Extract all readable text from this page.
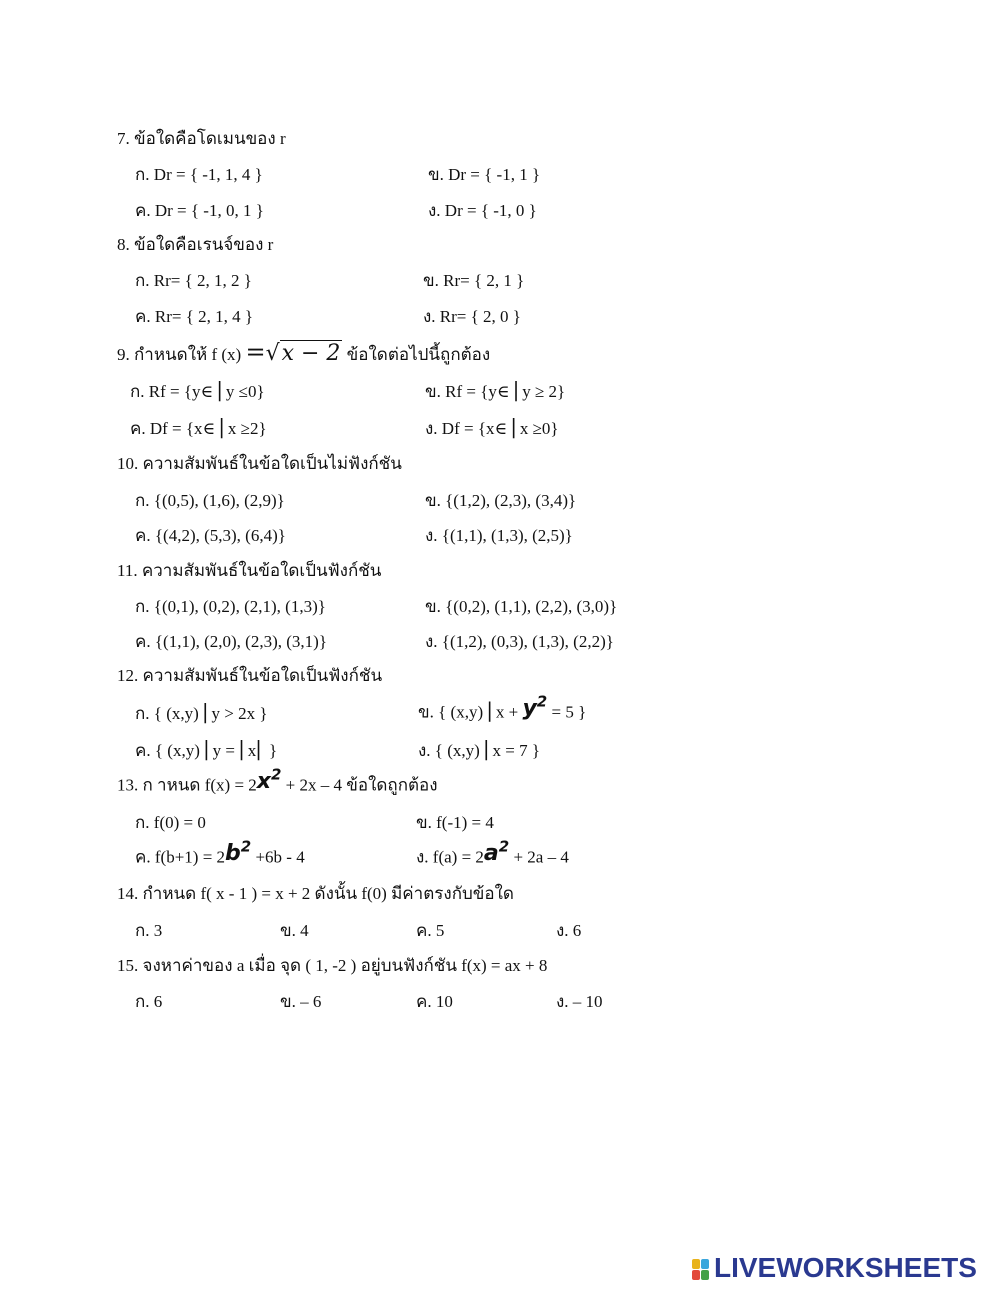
7. ข้อใดคือโดเมนของ r
ก. Dr = { -1, 1, 4 }	ข. Dr = { -1, 1 }
ค. Dr = { -1, 0, 1 }	ง. Dr = { -1, 0 }
8. ข้อใดคือเรนจ์ของ r
ก. Rr= { 2, 1, 2 }	ข. Rr= { 2, 1 }
ค. Rr= { 2, 1, 4 }	ง. Rr= { 2, 0 }
9. กำหนดให้ f (x) =√x − 2 ข้อใดต่อไปนี้ถูกต้อง
ก. Rf = {y∈ ⎢y ≤0}	ข. Rf = {y∈ ⎢y ≥ 2}
ค. Df = {x∈ ⎢x ≥2}	ง. Df = {x∈ ⎢x ≥0}
10. ความสัมพันธ์ในข้อใดเป็นไม่ฟังก์ชัน
ก. {(0,5), (1,6), (2,9)}	ข. {(1,2), (2,3), (3,4)}
ค. {(4,2), (5,3), (6,4)}	ง. {(1,1), (1,3), (2,5)}
11. ความสัมพันธ์ในข้อใดเป็นฟังก์ชัน
ก. {(0,1), (0,2), (2,1), (1,3)}	ข. {(0,2), (1,1), (2,2), (3,0)}
ค. {(1,1), (2,0), (2,3), (3,1)}	ง. {(1,2), (0,3), (1,3), (2,2)}
12. ความสัมพันธ์ในข้อใดเป็นฟังก์ชัน
ก. { (x,y) ⎢y > 2x }	ข. { (x,y) ⎢x + $y^2 = 5$ }
ค. { (x,y) ⎢y = ⎢x⎢ }	ง. { (x,y) ⎢x = 7 }
13. ก าหนด $f(x) = 2x^2 + 2x - 4$ ข้อใดถูกต้อง
ก. f(0) = 0	ข. f(-1) = 4
ค. $f(b+1) = 2b^2 +6b - 4$	ง. $f(a) = 2a^2 + 2a - 4$
14. กำหนด f( x - 1 ) = x + 2 ดังนั้น f(0) มีค่าตรงกับข้อใด
ก. 3	ข. 4	ค. 5	ง. 6
15. จงหาค่าของ a เมื่อ จุด ( 1, -2 ) อยู่บนฟังก์ชัน f(x) = ax + 8
ก. 6	ข. – 6	ค. 10	ง. – 10
LIVEWORKSHEETS
